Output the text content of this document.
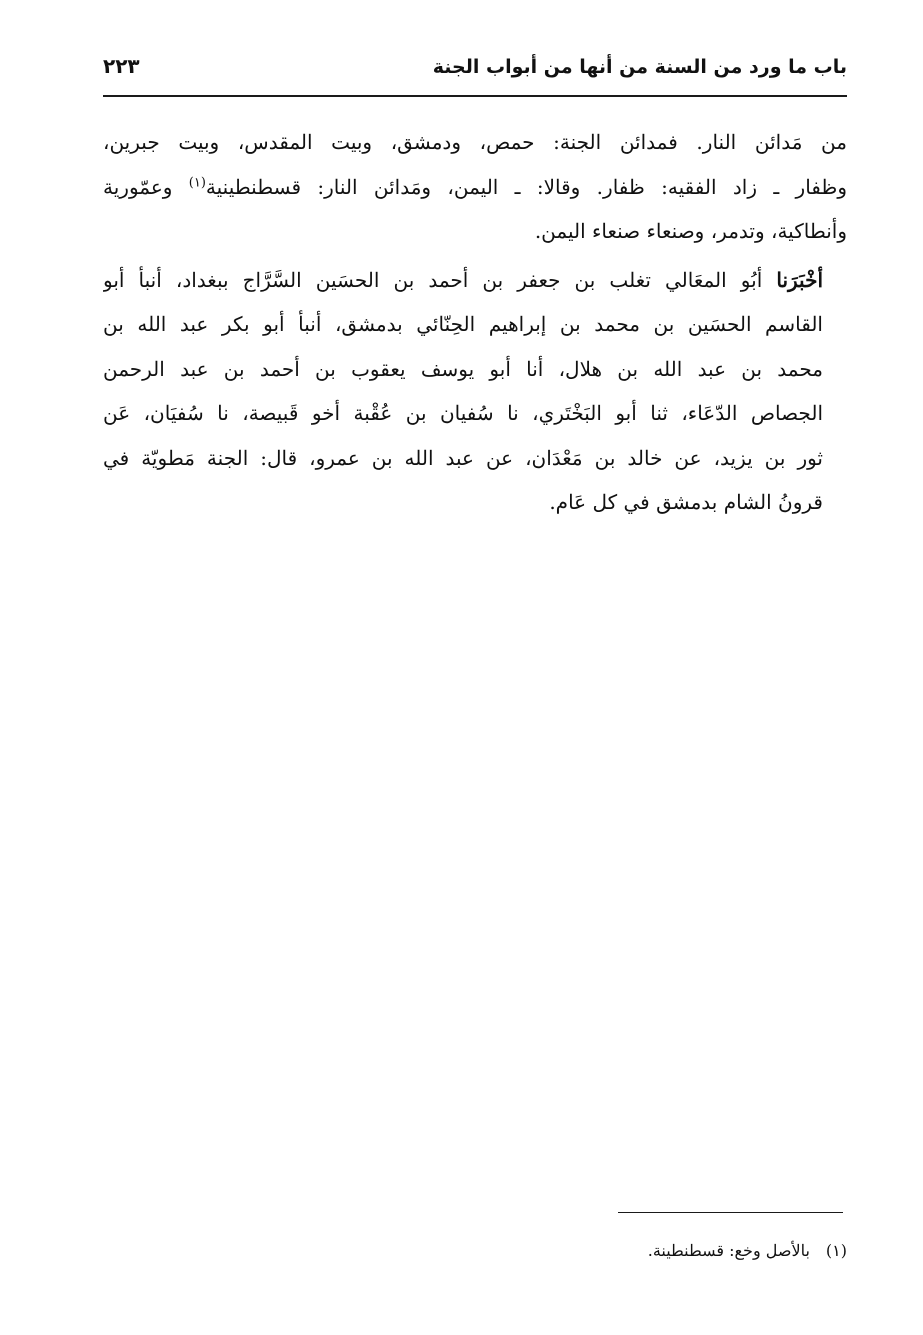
باب ما ورد من السنة من أنها من أبواب الجنة
٢٢٣
من مَدائن النار. فمدائن الجنة: حمص، ودمشق، وبيت المقدس، وبيت جبرين،
وظفار ـ زاد الفقيه: ظفار. وقالا: ـ اليمن، ومَدائن النار: قسطنطينية$^{(١)}$ وعمّورية
وأنطاكية، وتدمر، وصنعاء صنعاء اليمن.
أخْبَرَنا أبُو المعَالي تغلب بن جعفر بن أحمد بن الحسَين السَّرَّاج ببغداد، أنبأ أبو
القاسم الحسَين بن محمد بن إبراهيم الحِنّائي بدمشق، أنبأ أبو بكر عبد الله بن
محمد بن عبد الله بن هلال، أنا أبو يوسف يعقوب بن أحمد بن عبد الرحمن
الجصاص الدّعَاء، ثنا أبو البَخْتَري، نا سُفيان بن عُقْبة أخو قَبيصة، نا سُفيَان، عَن
ثور بن يزيد، عن خالد بن مَعْدَان، عن عبد الله بن عمرو، قال: الجنة مَطويّة في
قرونُ الشام بدمشق في كل عَام.
(١)بالأصل وخع: قسطنطينة.
